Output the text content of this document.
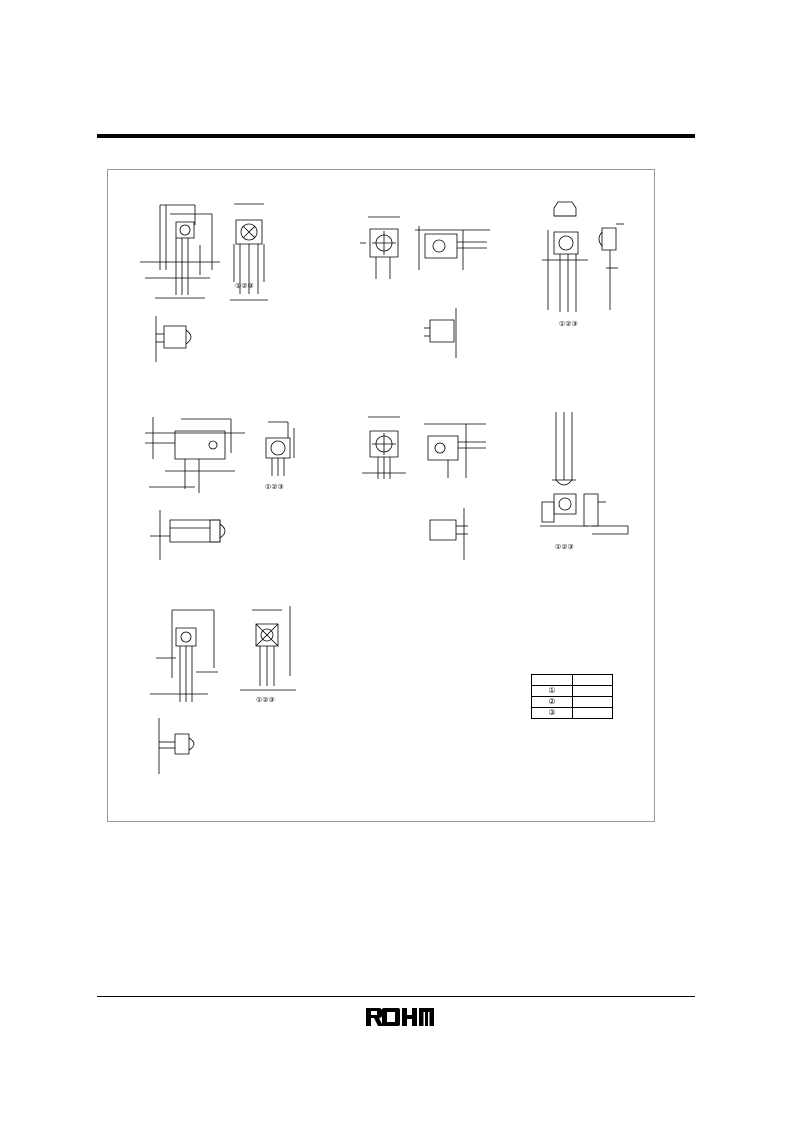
①②③
①②③
①②③
①②③
①②③

①	
②	
③	
